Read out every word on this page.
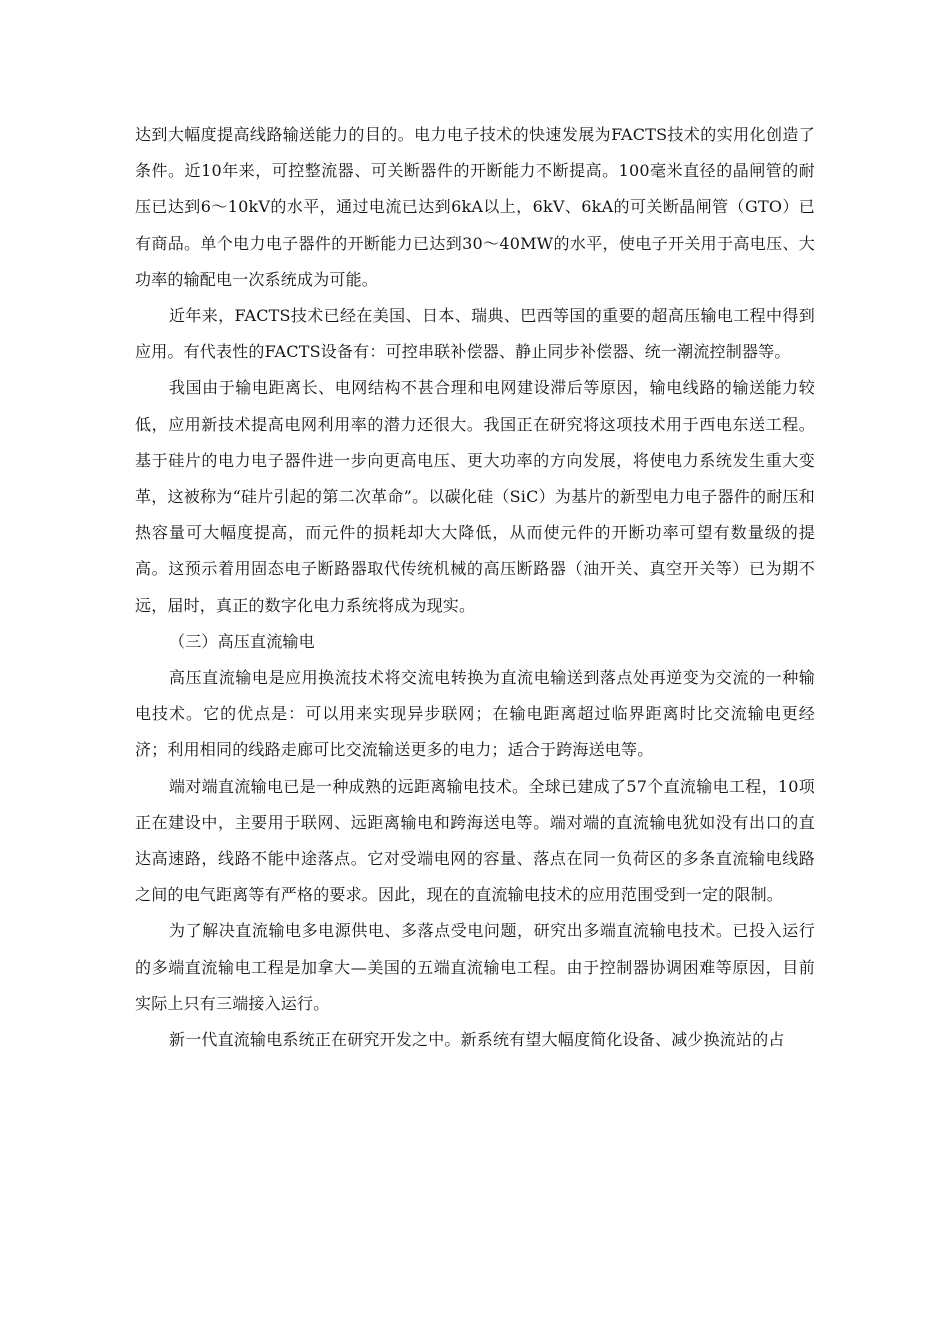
达到大幅度提高线路输送能力的目的。电力电子技术的快速发展为FACTS技术的实用化创造了条件。近10年来，可控整流器、可关断器件的开断能力不断提高。100毫米直径的晶闸管的耐压已达到6～10kV的水平，通过电流已达到6kA以上，6kV、6kA的可关断晶闸管（GTO）已有商品。单个电力电子器件的开断能力已达到30～40MW的水平，使电子开关用于高电压、大功率的输配电一次系统成为可能。

近年来，FACTS技术已经在美国、日本、瑞典、巴西等国的重要的超高压输电工程中得到应用。有代表性的FACTS设备有：可控串联补偿器、静止同步补偿器、统一潮流控制器等。

我国由于输电距离长、电网结构不甚合理和电网建设滞后等原因，输电线路的输送能力较低，应用新技术提高电网利用率的潜力还很大。我国正在研究将这项技术用于西电东送工程。基于硅片的电力电子器件进一步向更高电压、更大功率的方向发展，将使电力系统发生重大变革，这被称为“硅片引起的第二次革命”。以碳化硅（SiC）为基片的新型电力电子器件的耐压和热容量可大幅度提高，而元件的损耗却大大降低，从而使元件的开断功率可望有数量级的提高。这预示着用固态电子断路器取代传统机械的高压断路器（油开关、真空开关等）已为期不远，届时，真正的数字化电力系统将成为现实。

（三）高压直流输电

高压直流输电是应用换流技术将交流电转换为直流电输送到落点处再逆变为交流的一种输电技术。它的优点是：可以用来实现异步联网；在输电距离超过临界距离时比交流输电更经济；利用相同的线路走廊可比交流输送更多的电力；适合于跨海送电等。

端对端直流输电已是一种成熟的远距离输电技术。全球已建成了57个直流输电工程，10项正在建设中，主要用于联网、远距离输电和跨海送电等。端对端的直流输电犹如没有出口的直达高速路，线路不能中途落点。它对受端电网的容量、落点在同一负荷区的多条直流输电线路之间的电气距离等有严格的要求。因此，现在的直流输电技术的应用范围受到一定的限制。

为了解决直流输电多电源供电、多落点受电问题，研究出多端直流输电技术。已投入运行的多端直流输电工程是加拿大—美国的五端直流输电工程。由于控制器协调困难等原因，目前实际上只有三端接入运行。

新一代直流输电系统正在研究开发之中。新系统有望大幅度简化设备、减少换流站的占
